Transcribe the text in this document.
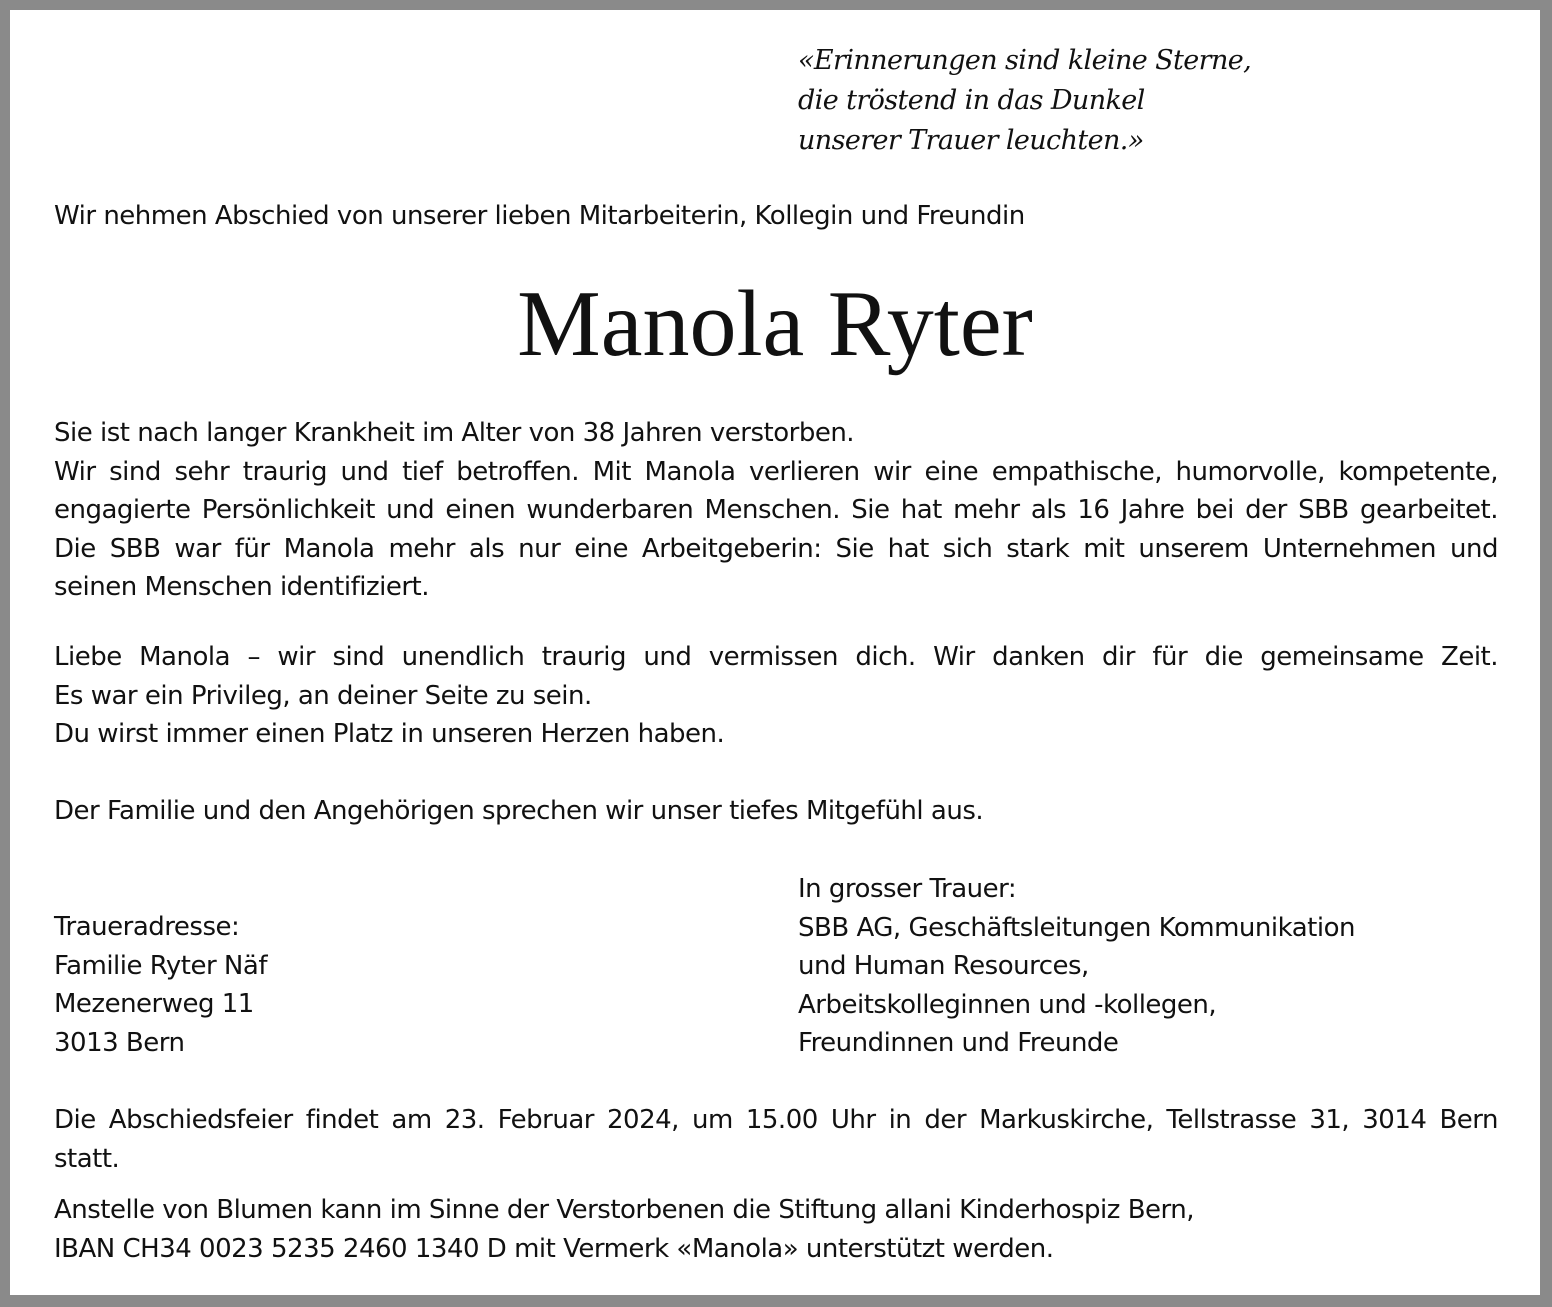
«Erinnerungen sind kleine Sterne,
die tröstend in das Dunkel
unserer Trauer leuchten.»
Wir nehmen Abschied von unserer lieben Mitarbeiterin, Kollegin und Freundin
Manola Ryter
Sie ist nach langer Krankheit im Alter von 38 Jahren verstorben.
Wir sind sehr traurig und tief betroffen. Mit Manola verlieren wir eine empathische, humorvolle, kompetente,
engagierte Persönlichkeit und einen wunderbaren Menschen. Sie hat mehr als 16 Jahre bei der SBB gearbeitet.
Die SBB war für Manola mehr als nur eine Arbeitgeberin: Sie hat sich stark mit unserem Unternehmen und
seinen Menschen identifiziert.
Liebe Manola – wir sind unendlich traurig und vermissen dich. Wir danken dir für die gemeinsame Zeit.
Es war ein Privileg, an deiner Seite zu sein.
Du wirst immer einen Platz in unseren Herzen haben.
Der Familie und den Angehörigen sprechen wir unser tiefes Mitgefühl aus.
Traueradresse:
Familie Ryter Näf
Mezenerweg 11
3013 Bern
In grosser Trauer:
SBB AG, Geschäftsleitungen Kommunikation
und Human Resources,
Arbeitskolleginnen und -kollegen,
Freundinnen und Freunde
Die Abschiedsfeier findet am 23. Februar 2024, um 15.00 Uhr in der Markuskirche, Tellstrasse 31, 3014 Bern
statt.
Anstelle von Blumen kann im Sinne der Verstorbenen die Stiftung allani Kinderhospiz Bern,
IBAN CH34 0023 5235 2460 1340 D mit Vermerk «Manola» unterstützt werden.
